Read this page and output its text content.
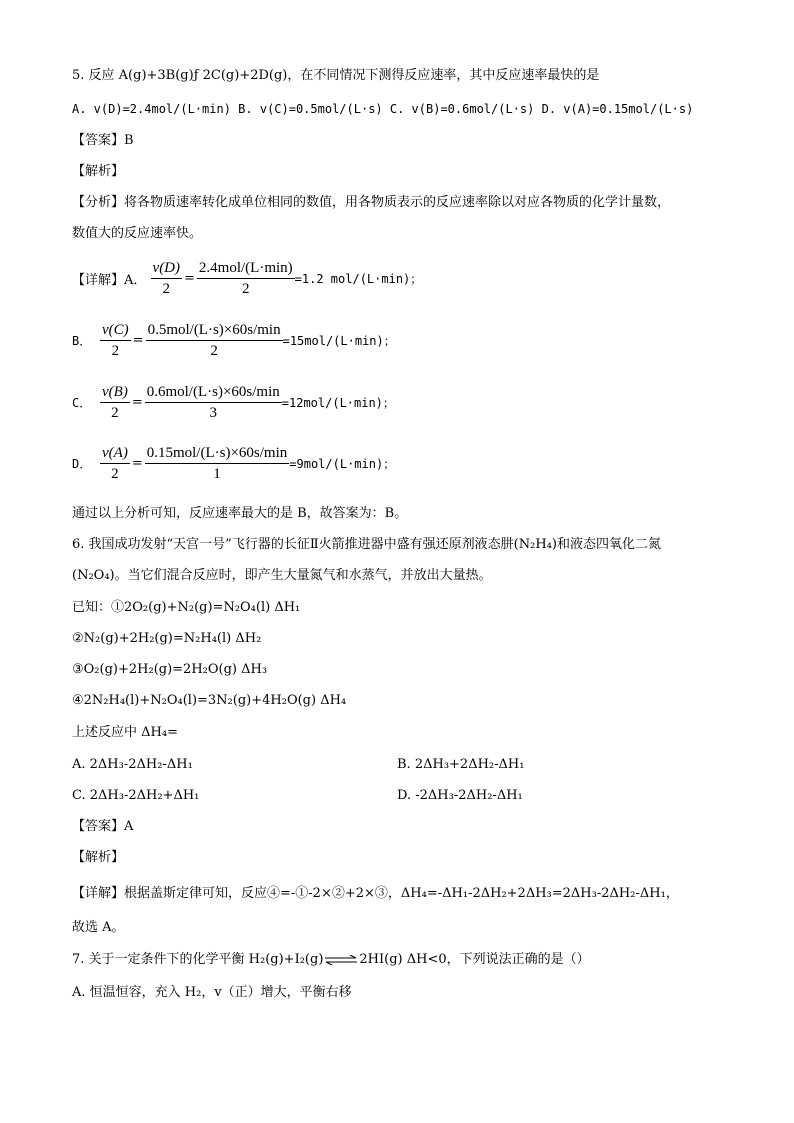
5. 反应 A(g)+3B(g)ƒ 2C(g)+2D(g)，在不同情况下测得反应速率，其中反应速率最快的是
A. v(D)=2.4mol/(L·min) B. v(C)=0.5mol/(L·s) C. v(B)=0.6mol/(L·s) D. v(A)=0.15mol/(L·s)
【答案】B
【解析】
【分析】将各物质速率转化成单位相同的数值，用各物质表示的反应速率除以对应各物质的化学计量数，
数值大的反应速率快。
【详解】A． $\frac{v(D)}{2} = \frac{\text{2.4mol/(L·min)}}{2} =1.2$ mol/(L·min)；
B． $\frac{v(C)}{2} = \frac{\text{0.5mol/(L·s)×60s/min}}{2} =15mol/(L\cdot\min)$；
C． $\frac{v(B)}{2} = \frac{\text{0.6mol/(L·s)×60s/min}}{3} =12mol/(L\cdot\min)$；
D． $\frac{v(A)}{2} = \frac{\text{0.15mol/(L·s)×60s/min}}{1} =9mol/(L\cdot\min)$；
通过以上分析可知，反应速率最大的是 B，故答案为：B。
6. 我国成功发射“天宫一号”飞行器的长征Ⅱ火箭推进器中盛有强还原剂液态肼(N₂H₄)和液态四氧化二氮
(N₂O₄)。当它们混合反应时，即产生大量氮气和水蒸气，并放出大量热。
已知：①2O₂(g)+N₂(g)=N₂O₄(l) ΔH₁
②N₂(g)+2H₂(g)=N₂H₄(l) ΔH₂
③O₂(g)+2H₂(g)=2H₂O(g) ΔH₃
④2N₂H₄(l)+N₂O₄(l)=3N₂(g)+4H₂O(g) ΔH₄
上述反应中 ΔH₄=
A. 2ΔH₃-2ΔH₂-ΔH₁	B. 2ΔH₃+2ΔH₂-ΔH₁
C. 2ΔH₃-2ΔH₂+ΔH₁	D. -2ΔH₃-2ΔH₂-ΔH₁
【答案】A
【解析】
【详解】根据盖斯定律可知，反应④=-①-2×②+2×③，ΔH₄=-ΔH₁-2ΔH₂+2ΔH₃=2ΔH₃-2ΔH₂-ΔH₁，
故选 A。
7. 关于一定条件下的化学平衡 H₂(g)+I₂(g)⇌2HI(g) ΔH<0，下列说法正确的是（）
A. 恒温恒容，充入 H₂，v（正）增大，平衡右移
